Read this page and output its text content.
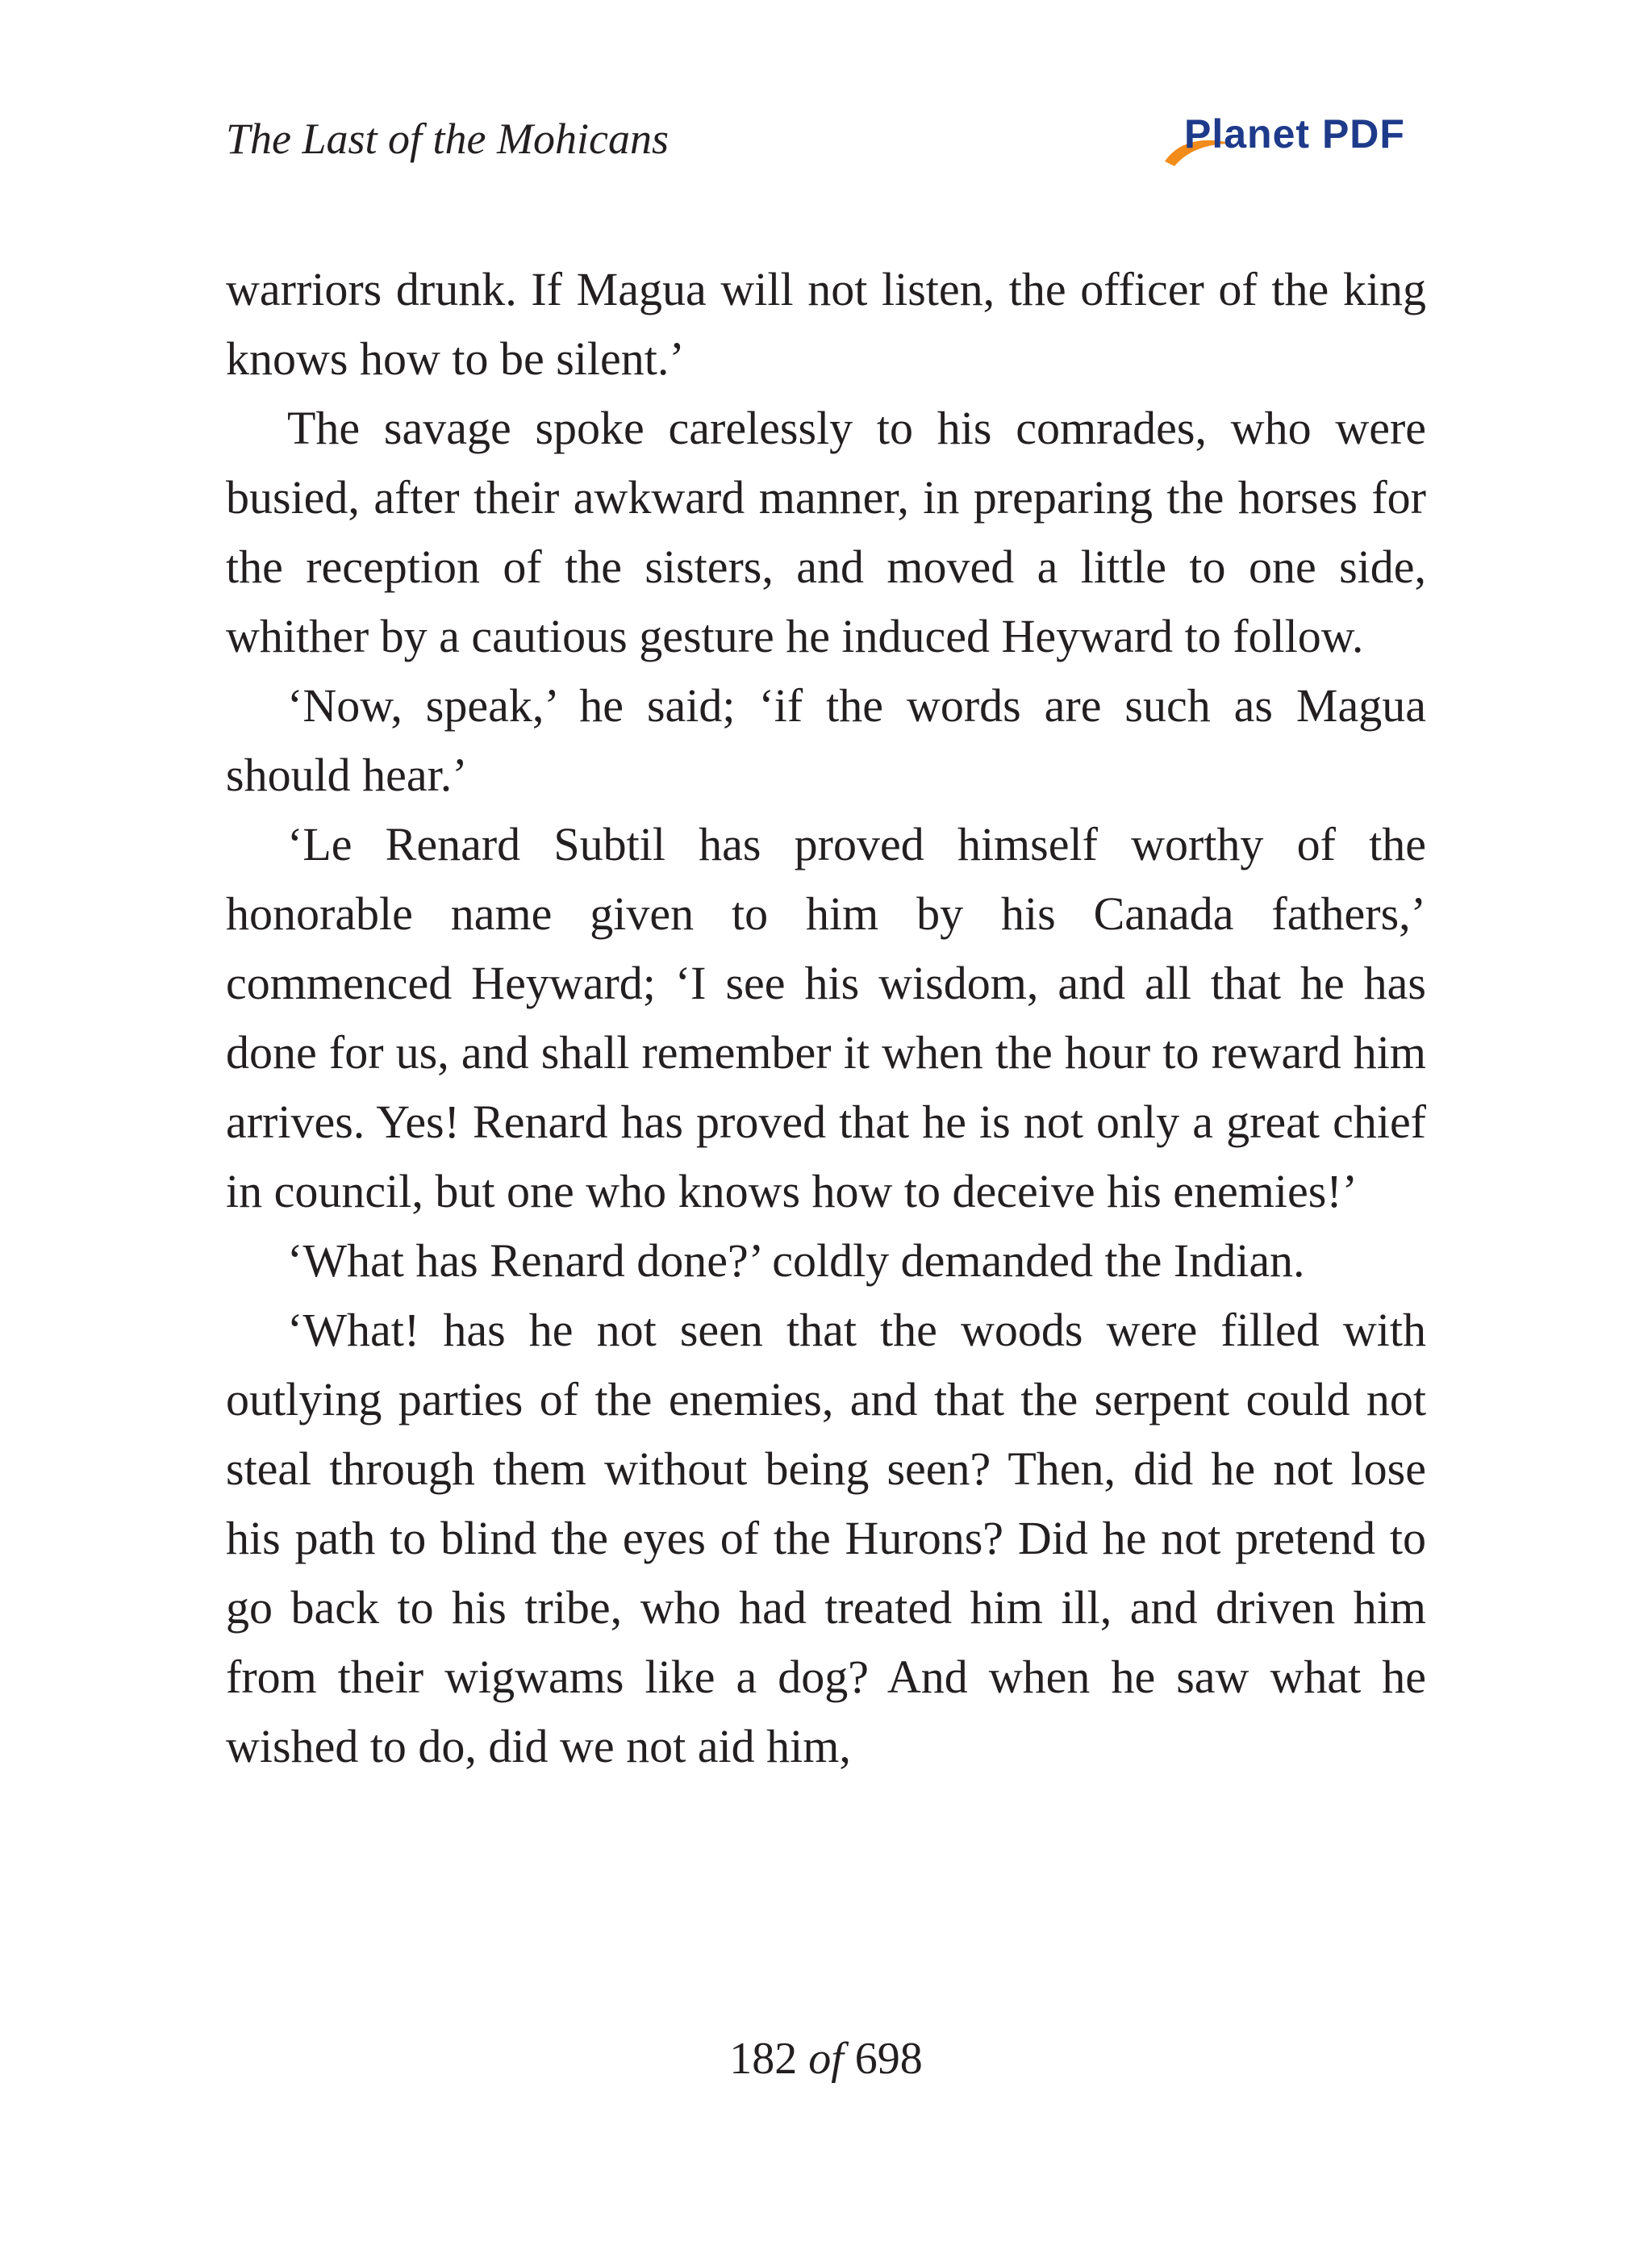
The Last of the Mohicans	Planet PDF

warriors drunk. If Magua will not listen, the officer of the king knows how to be silent.’

The savage spoke carelessly to his comrades, who were busied, after their awkward manner, in preparing the horses for the reception of the sisters, and moved a little to one side, whither by a cautious gesture he induced Heyward to follow.

‘Now, speak,’ he said; ‘if the words are such as Magua should hear.’

‘Le Renard Subtil has proved himself worthy of the honorable name given to him by his Canada fathers,’ commenced Heyward; ‘I see his wisdom, and all that he has done for us, and shall remember it when the hour to reward him arrives. Yes! Renard has proved that he is not only a great chief in council, but one who knows how to deceive his enemies!’

‘What has Renard done?’ coldly demanded the Indian.

‘What! has he not seen that the woods were filled with outlying parties of the enemies, and that the serpent could not steal through them without being seen? Then, did he not lose his path to blind the eyes of the Hurons? Did he not pretend to go back to his tribe, who had treated him ill, and driven him from their wigwams like a dog? And when he saw what he wished to do, did we not aid him,

182 of 698
